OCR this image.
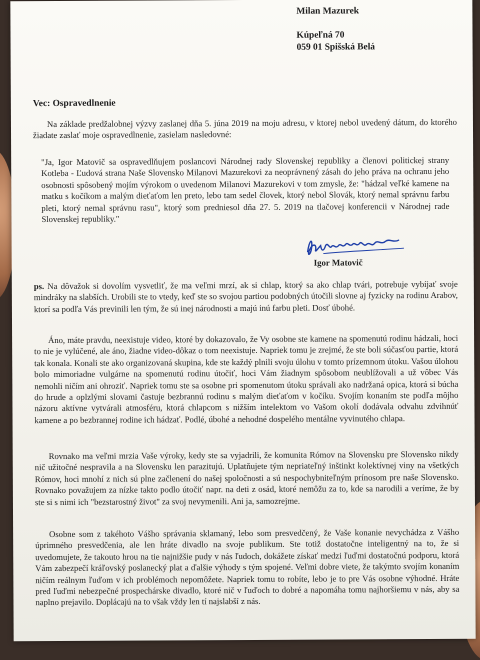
Milan Mazurek
Kúpeľná 70
059 01 Spišská Belá
Vec: Ospravedlnenie
Na základe predžalobnej výzvy zaslanej dňa 5. júna 2019 na moju adresu, v ktorej nebol uvedený dátum, do ktorého žiadate zaslať moje ospravedlnenie, zasielam nasledovné:
"Ja, Igor Matovič sa ospravedlňujem poslancovi Národnej rady Slovenskej republiky a členovi politickej strany Kotleba - Ľudová strana Naše Slovensko Milanovi Mazurekovi za neoprávnený zásah do jeho práva na ochranu jeho osobnosti spôsobený mojím výrokom o uvedenom Milanovi Mazurekovi v tom zmysle, že: "hádzal veľké kamene na matku s kočíkom a malým dieťaťom len preto, lebo tam sedel človek, ktorý nebol Slovák, ktorý nemal správnu farbu pleti, ktorý nemal správnu rasu", ktorý som predniesol dňa 27. 5. 2019 na tlačovej konferencii v Národnej rade Slovenskej republiky."
Igor Matovič
ps. Na dôvažok si dovolím vysvetliť, že ma veľmi mrzí, ak si chlap, ktorý sa ako chlap tvári, potrebuje vybíjať svoje mindráky na slabších. Urobili ste to vtedy, keď ste so svojou partiou podobných útočili slovne aj fyzicky na rodinu Arabov, ktorí sa podľa Vás previnili len tým, že sú inej národnosti a majú inú farbu pleti. Dosť úbohé.
Áno, máte pravdu, neexistuje video, ktoré by dokazovalo, že Vy osobne ste kamene na spomenutú rodinu hádzali, hoci to nie je vylúčené, ale áno, žiadne video-dôkaz o tom neexistuje. Napriek tomu je zrejmé, že ste boli súčasťou partie, ktorá tak konala. Konali ste ako organizovaná skupina, kde ste každý plnili svoju úlohu v tomto prízemnom útoku. Vašou úlohou bolo mimoriadne vulgárne na spomenutú rodinu útočiť, hoci Vám žiadnym spôsobom neublížovali a už vôbec Vás nemohli ničím ani ohroziť. Napriek tomu ste sa osobne pri spomenutom útoku správali ako nadržaná opica, ktorá si búcha do hrude a oplzlými slovami častuje bezbrannú rodinu s malým dieťaťom v kočíku. Svojím konaním ste podľa môjho názoru aktívne vytvárali atmosféru, ktorá chlapcom s nižším intelektom vo Vašom okolí dodávala odvahu zdvihnúť kamene a po bezbrannej rodine ich hádzať. Podlé, úbohé a nehodné dospelého mentálne vyvinutého chlapa.
Rovnako ma veľmi mrzia Vaše výroky, kedy ste sa vyjadrili, že komunita Rómov na Slovensku pre Slovensko nikdy nič užitočné nespravila a na Slovensku len parazitujú. Uplatňujete tým nepriateľný inštinkt kolektívnej viny na všetkých Rómov, hoci mnohí z nich sú plne začlenení do našej spoločnosti a sú nespochybniteľným prínosom pre naše Slovensko. Rovnako považujem za nízke takto podlo útočiť napr. na deti z osád, ktoré nemôžu za to, kde sa narodili a veríme, že by ste si s nimi ich "bezstarostný život" za svoj nevymenili. Ani ja, samozrejme.
Osobne som z takéhoto Vášho správania sklamaný, lebo som presvedčený, že Vaše konanie nevychádza z Vášho úprimného presvedčenia, ale len hráte divadlo na svoje publikum. Ste totiž dostatočne inteligentný na to, že si uvedomujete, že takouto hrou na tie najnižšie pudy v nás ľudoch, dokážete získať medzi ľuďmi dostatočnú podporu, ktorá Vám zabezpečí kráľovský poslanecký plat a ďalšie výhody s tým spojené. Veľmi dobre viete, že takýmto svojím konaním ničím reálnym ľuďom v ich problémoch nepomôžete. Napriek tomu to robíte, lebo je to pre Vás osobne výhodné. Hráte pred ľuďmi nebezpečné prospechárske divadlo, ktoré nič v ľuďoch to dobré a napomáha tomu najhoršiemu v nás, aby sa naplno prejavilo. Doplácajú na to však vždy len tí najslabší z nás.
